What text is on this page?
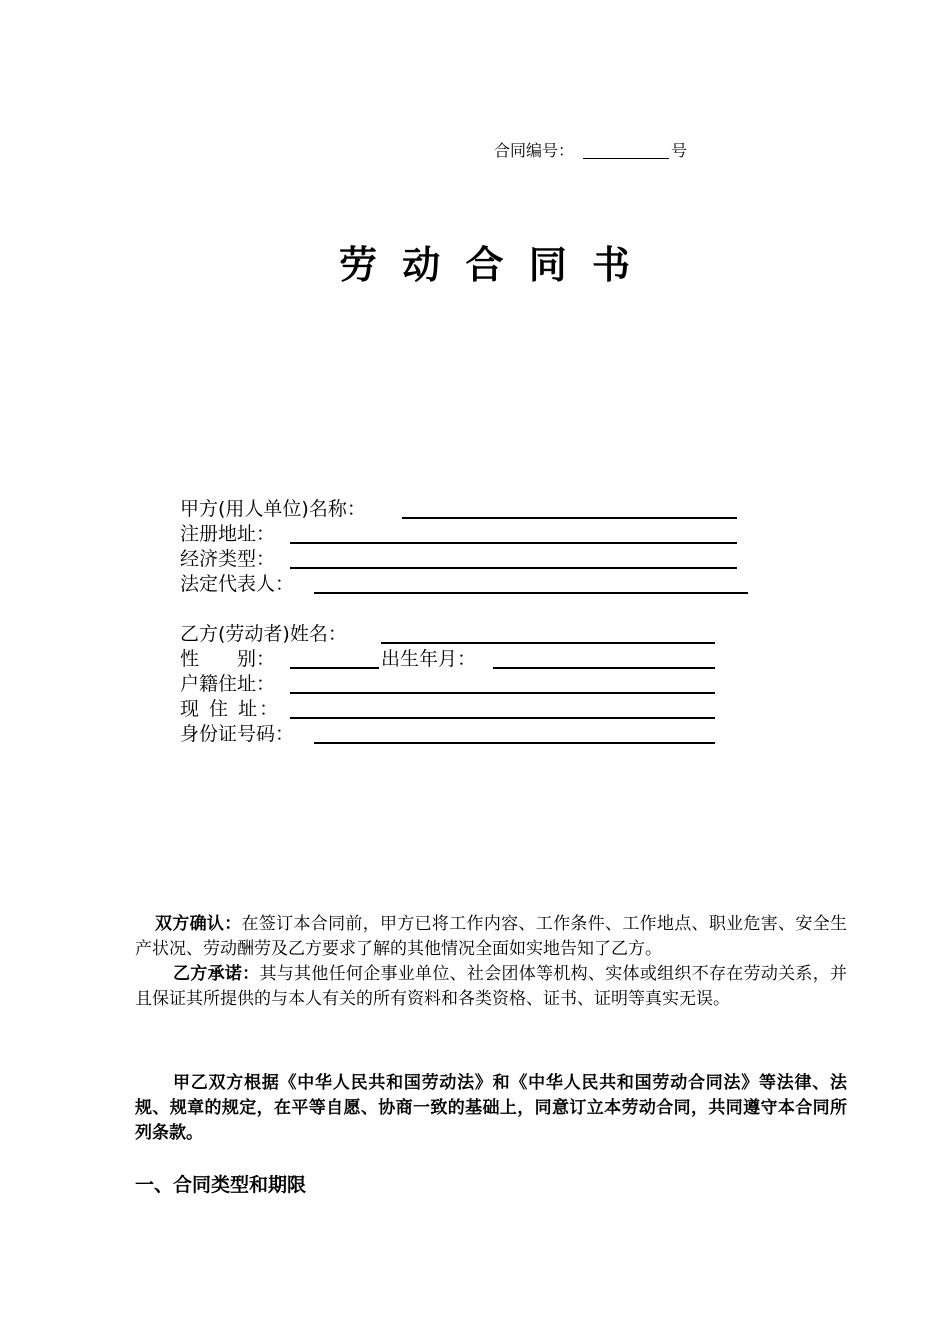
合同编号：	号
劳 动 合 同 书
甲方(用人单位)名称：
注册地址：
经济类型：
法定代表人：
乙方(劳动者)姓名：
性　　别：	出生年月：
户籍住址：
现 住 址：
身份证号码：
双方确认：在签订本合同前，甲方已将工作内容、工作条件、工作地点、职业危害、安全生产状况、劳动酬劳及乙方要求了解的其他情况全面如实地告知了乙方。
乙方承诺：其与其他任何企事业单位、社会团体等机构、实体或组织不存在劳动关系，并且保证其所提供的与本人有关的所有资料和各类资格、证书、证明等真实无误。
甲乙双方根据《中华人民共和国劳动法》和《中华人民共和国劳动合同法》等法律、法规、规章的规定，在平等自愿、协商一致的基础上，同意订立本劳动合同，共同遵守本合同所列条款。
一、合同类型和期限
